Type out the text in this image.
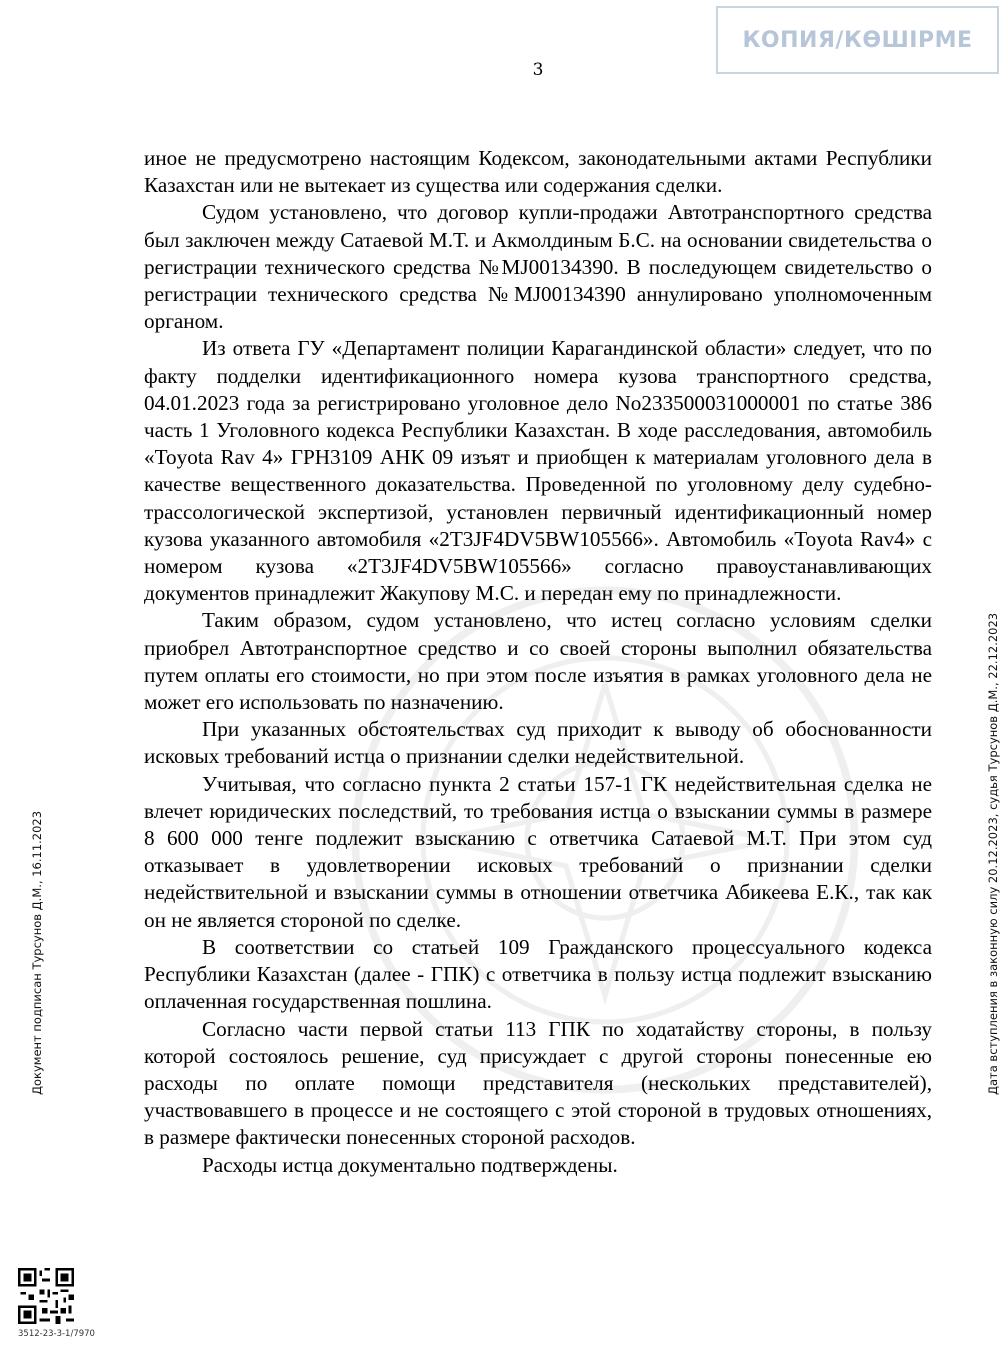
КОПИЯ/КӨШІРМЕ
3

иное не предусмотрено настоящим Кодексом, законодательными актами Республики Казахстан или не вытекает из существа или содержания сделки.

Судом установлено, что договор купли-продажи Автотранспортного средства был заключен между Сатаевой М.Т. и Акмолдиным Б.С. на основании свидетельства о регистрации технического средства №MJ00134390. В последующем свидетельство о регистрации технического средства №MJ00134390 аннулировано уполномоченным органом.

Из ответа ГУ «Департамент полиции Карагандинской области» следует, что по факту подделки идентификационного номера кузова транспортного средства, 04.01.2023 года за регистрировано уголовное дело No233500031000001 по статье 386 часть 1 Уголовного кодекса Республики Казахстан. В ходе расследования, автомобиль «Toyota Rav 4» ГРН3109 АНК 09 изъят и приобщен к материалам уголовного дела в качестве вещественного доказательства. Проведенной по уголовному делу судебно-трассологической экспертизой, установлен первичный идентификационный номер кузова указанного автомобиля «2T3JF4DV5BW105566». Автомобиль «Toyota Rav4» с номером кузова «2T3JF4DV5BW105566» согласно правоустанавливающих документов принадлежит Жакупову М.С. и передан ему по принадлежности.

Таким образом, судом установлено, что истец согласно условиям сделки приобрел Автотранспортное средство и со своей стороны выполнил обязательства путем оплаты его стоимости, но при этом после изъятия в рамках уголовного дела не может его использовать по назначению.

При указанных обстоятельствах суд приходит к выводу об обоснованности исковых требований истца о признании сделки недействительной.

Учитывая, что согласно пункта 2 статьи 157-1 ГК недействительная сделка не влечет юридических последствий, то требования истца о взыскании суммы в размере 8 600 000 тенге подлежит взысканию с ответчика Сатаевой М.Т. При этом суд отказывает в удовлетворении исковых требований о признании сделки недействительной и взыскании суммы в отношении ответчика Абикеева Е.К., так как он не является стороной по сделке.

В соответствии со статьей 109 Гражданского процессуального кодекса Республики Казахстан (далее - ГПК) с ответчика в пользу истца подлежит взысканию оплаченная государственная пошлина.

Согласно части первой статьи 113 ГПК по ходатайству стороны, в пользу которой состоялось решение, суд присуждает с другой стороны понесенные ею расходы по оплате помощи представителя (нескольких представителей), участвовавшего в процессе и не состоящего с этой стороной в трудовых отношениях, в размере фактически понесенных стороной расходов.

Расходы истца документально подтверждены.

Документ подписан Турсунов Д.М., 16.11.2023	Дата вступления в законную силу 20.12.2023, судья Турсунов Д.М., 22.12.2023
3512-23-3-1/7970
